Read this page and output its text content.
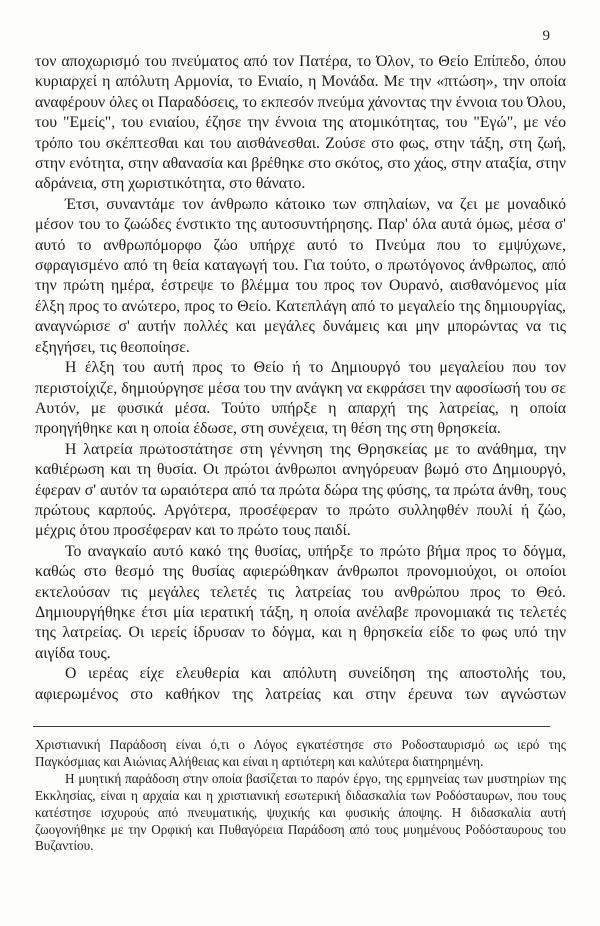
9

τον αποχωρισμό του πνεύματος από τον Πατέρα, το Όλον, το Θείο Επίπεδο, όπου κυριαρχεί η απόλυτη Αρμονία, το Ενιαίο, η Μονάδα. Με την «πτώση», την οποία αναφέρουν όλες οι Παραδόσεις, το εκπεσόν πνεύμα χάνοντας την έννοια του Όλου, του "Εμείς", του ενιαίου, έζησε την έννοια της ατομικότητας, του "Εγώ", με νέο τρόπο του σκέπτεσθαι και του αισθάνεσθαι. Ζούσε στο φως, στην τάξη, στη ζωή, στην ενότητα, στην αθανασία και βρέθηκε στο σκότος, στο χάος, στην αταξία, στην αδράνεια, στη χωριστικότητα, στο θάνατο.

Έτσι, συναντάμε τον άνθρωπο κάτοικο των σπηλαίων, να ζει με μοναδικό μέσον του το ζωώδες ένστικτο της αυτοσυντήρησης. Παρ' όλα αυτά όμως, μέσα σ' αυτό το ανθρωπόμορφο ζώο υπήρχε αυτό το Πνεύμα που το εμψύχωνε, σφραγισμένο από τη θεία καταγωγή του. Για τούτο, ο πρωτόγονος άνθρωπος, από την πρώτη ημέρα, έστρεψε το βλέμμα του προς τον Ουρανό, αισθανόμενος μία έλξη προς το ανώτερο, προς το Θείο. Κατεπλάγη από το μεγαλείο της δημιουργίας, αναγνώρισε σ' αυτήν πολλές και μεγάλες δυνάμεις και μην μπορώντας να τις εξηγήσει, τις θεοποίησε.

Η έλξη του αυτή προς το Θείο ή το Δημιουργό του μεγαλείου που τον περιστοίχιζε, δημιούργησε μέσα του την ανάγκη να εκφράσει την αφοσίωσή του σε Αυτόν, με φυσικά μέσα. Τούτο υπήρξε η απαρχή της λατρείας, η οποία προηγήθηκε και η οποία έδωσε, στη συνέχεια, τη θέση της στη θρησκεία.

Η λατρεία πρωτοστάτησε στη γέννηση της Θρησκείας με το ανάθημα, την καθιέρωση και τη θυσία. Οι πρώτοι άνθρωποι ανηγόρευαν βωμό στο Δημιουργό, έφεραν σ' αυτόν τα ωραιότερα από τα πρώτα δώρα της φύσης, τα πρώτα άνθη, τους πρώτους καρπούς. Αργότερα, προσέφεραν το πρώτο συλληφθέν πουλί ή ζώο, μέχρις ότου προσέφεραν και το πρώτο τους παιδί.

Το αναγκαίο αυτό κακό της θυσίας, υπήρξε το πρώτο βήμα προς το δόγμα, καθώς στο θεσμό της θυσίας αφιερώθηκαν άνθρωποι προνομιούχοι, οι οποίοι εκτελούσαν τις μεγάλες τελετές τις λατρείας του ανθρώπου προς το Θεό. Δημιουργήθηκε έτσι μία ιερατική τάξη, η οποία ανέλαβε προνομιακά τις τελετές της λατρείας. Οι ιερείς ίδρυσαν το δόγμα, και η θρησκεία είδε το φως υπό την αιγίδα τους.

Ο ιερέας είχε ελευθερία και απόλυτη συνείδηση της αποστολής του, αφιερωμένος στο καθήκον της λατρείας και στην έρευνα των αγνώστων

Χριστιανική Παράδοση είναι ό,τι ο Λόγος εγκατέστησε στο Ροδοσταυρισμό ως ιερό της Παγκόσμιας και Αιώνιας Αλήθειας και είναι η αρτιότερη και καλύτερα διατηρημένη.

Η μυητική παράδοση στην οποία βασίζεται το παρόν έργο, της ερμηνείας των μυστηρίων της Εκκλησίας, είναι η αρχαία και η χριστιανική εσωτερική διδασκαλία των Ροδόσταυρων, που τους κατέστησε ισχυρούς από πνευματικής, ψυχικής και φυσικής άποψης. Η διδασκαλία αυτή ζωογονήθηκε με την Ορφική και Πυθαγόρεια Παράδοση από τους μυημένους Ροδόσταυρους του Βυζαντίου.
